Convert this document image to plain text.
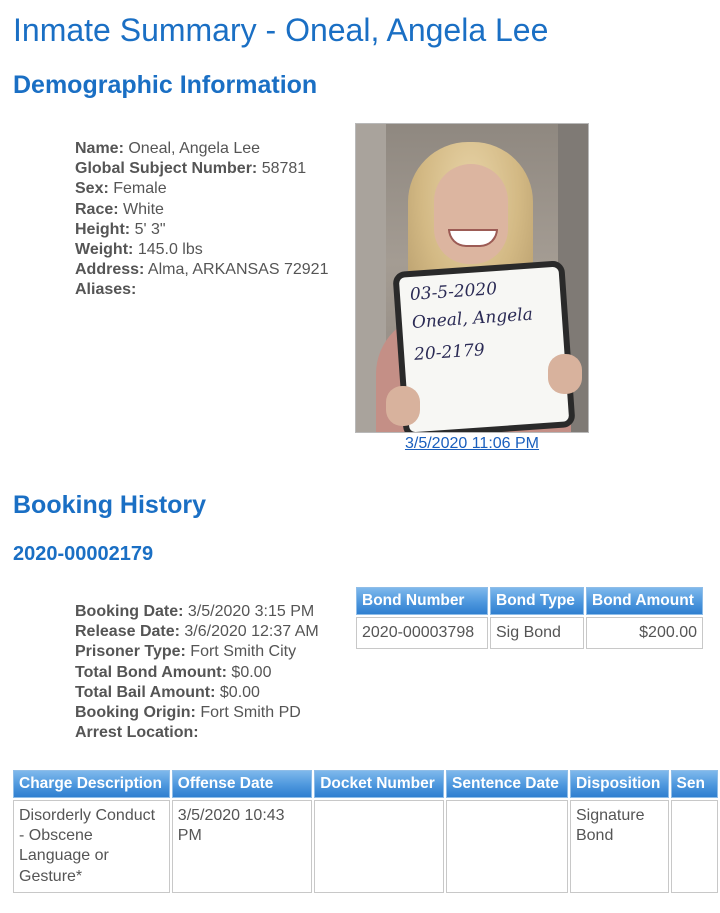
Inmate Summary - Oneal, Angela Lee
Demographic Information
Name: Oneal, Angela Lee
Global Subject Number: 58781
Sex: Female
Race: White
Height: 5' 3"
Weight: 145.0 lbs
Address: Alma, ARKANSAS 72921
Aliases:	03-5-2020
Oneal, Angela
20-2179
3/5/2020 11:06 PM
Booking History
2020-00002179
Booking Date: 3/5/2020 3:15 PM
Release Date: 3/6/2020 12:37 AM
Prisoner Type: Fort Smith City
Total Bond Amount: $0.00
Total Bail Amount: $0.00
Booking Origin: Fort Smith PD
Arrest Location:
Bond Number	Bond Type	Bond Amount
2020-00003798	Sig Bond	$200.00
Charge Description	Offense Date	Docket Number	Sentence Date	Disposition	Sen
Disorderly Conduct - Obscene Language or Gesture*	3/5/2020 10:43 PM			Signature Bond	
